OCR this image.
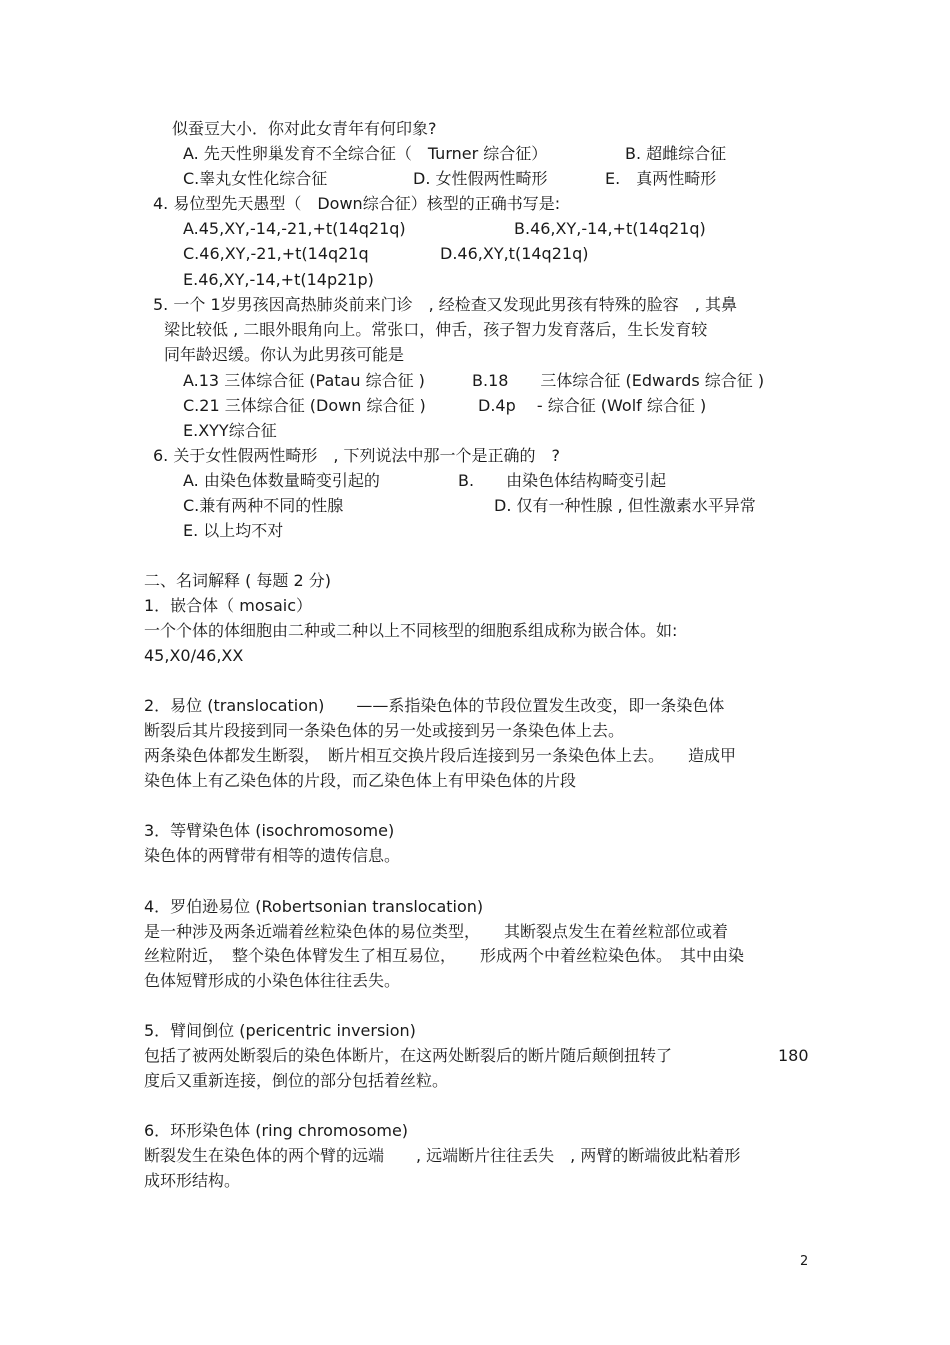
似蚕豆大小．你对此女青年有何印象?
A. 先天性卵巢发育不全综合征（　Turner 综合征）	B. 超雌综合征
C.睾丸女性化综合征	D. 女性假两性畸形	E.　真两性畸形
4. 易位型先天愚型（　Down综合征）核型的正确书写是:
A.45,XY,-14,-21,+t(14q21q)	B.46,XY,-14,+t(14q21q)
C.46,XY,-21,+t(14q21q	D.46,XY,t(14q21q)
E.46,XY,-14,+t(14p21p)
5. 一个 1岁男孩因高热肺炎前来门诊　, 经检查又发现此男孩有特殊的脸容　, 其鼻
梁比较低 , 二眼外眼角向上。常张口，伸舌，孩子智力发育落后，生长发育较
同年龄迟缓。你认为此男孩可能是
A.13 三体综合征 (Patau 综合征 )	B.18　　三体综合征 (Edwards 综合征 )
C.21 三体综合征 (Down 综合征 )	D.4p　 - 综合征 (Wolf 综合征 )
E.XYY综合征
6. 关于女性假两性畸形　, 下列说法中那一个是正确的　?
A. 由染色体数量畸变引起的	B.　　由染色体结构畸变引起
C.兼有两种不同的性腺	D. 仅有一种性腺 , 但性激素水平异常
E. 以上均不对
二、名词解释 ( 每题 2 分)
1．嵌合体（ mosaic）
一个个体的体细胞由二种或二种以上不同核型的细胞系组成称为嵌合体。如:
45,X0/46,XX
2．易位 (translocation)　　——系指染色体的节段位置发生改变，即一条染色体
断裂后其片段接到同一条染色体的另一处或接到另一条染色体上去。
两条染色体都发生断裂，　断片相互交换片段后连接到另一条染色体上去。　　造成甲
染色体上有乙染色体的片段，而乙染色体上有甲染色体的片段
3．等臂染色体 (isochromosome)
染色体的两臂带有相等的遗传信息。
4．罗伯逊易位 (Robertsonian translocation)
是一种涉及两条近端着丝粒染色体的易位类型，　　其断裂点发生在着丝粒部位或着
丝粒附近，　整个染色体臂发生了相互易位，　　形成两个中着丝粒染色体。　其中由染
色体短臂形成的小染色体往往丢失。
5．臂间倒位 (pericentric inversion)
包括了被两处断裂后的染色体断片，在这两处断裂后的断片随后颠倒扭转了	180
度后又重新连接，倒位的部分包括着丝粒。
6．环形染色体 (ring chromosome)
断裂发生在染色体的两个臂的远端　　, 远端断片往往丢失　, 两臂的断端彼此粘着形
成环形结构。
2
